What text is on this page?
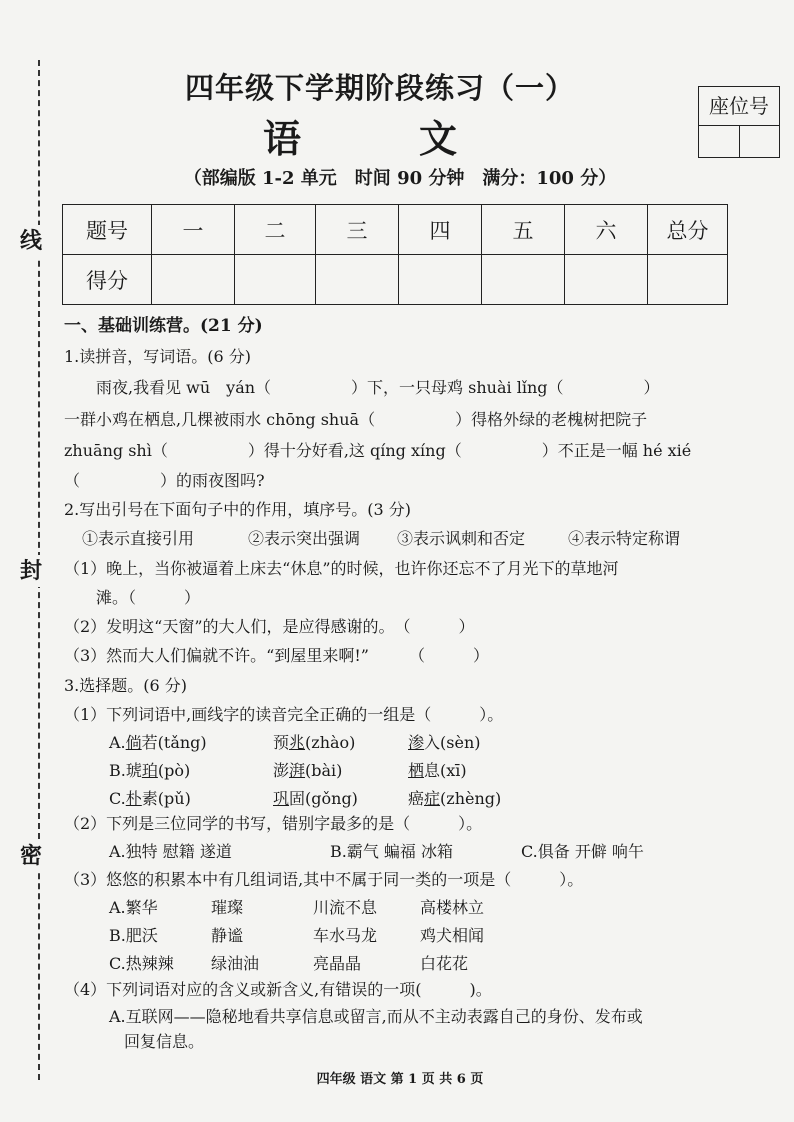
线
封
密
四年级下学期阶段练习（一）
语　文
（部编版 1-2 单元　时间 90 分钟　满分：100 分）
座位号
题号	一	二	三	四	五	六	总分
得分							
一、基础训练营。(21 分)
1.读拼音，写词语。(6 分)
　　雨夜,我看见 wū　yán（　　　　　）下，一只母鸡 shuài lǐng（　　　　　）
一群小鸡在栖息,几棵被雨水 chōng shuā（　　　　　）得格外绿的老槐树把院子
zhuāng shì（　　　　　）得十分好看,这 qíng xíng（　　　　　）不正是一幅 hé xié
（　　　　　）的雨夜图吗?
2.写出引号在下面句子中的作用，填序号。(3 分)
①表示直接引用	②表示突出强调 ③表示讽刺和否定	④表示特定称谓
（1）晚上，当你被逼着上床去“休息”的时候，也许你还忘不了月光下的草地河
　　滩。（　　　）
（2）发明这“天窗”的大人们，是应得感谢的。　（　　　）
（3）然而大人们偏就不许。“到屋里来啊!”　　　（　　　）
3.选择题。(6 分)
（1）下列词语中,画线字的读音完全正确的一组是（　　　）。
A.倘若(tǎng)	预兆(zhào)	渗入(sèn)
B.琥珀(pò)	澎湃(bài)	栖息(xī)
C.朴素(pǔ)	巩固(gǒng)	癌症(zhèng)
（2）下列是三位同学的书写，错别字最多的是（　　　）。
A.独特 慰籍 遂道	B.霸气 蝙福 冰箱	C.俱备 开僻 响午
（3）悠悠的积累本中有几组词语,其中不属于同一类的一项是（　　　）。
A.繁华	璀璨	川流不息	高楼林立
B.肥沃	静谧	车水马龙	鸡犬相闻
C.热辣辣 绿油油	亮晶晶	白花花
（4）下列词语对应的含义或新含义,有错误的一项(　　　)。
A.互联网——隐秘地看共享信息或留言,而从不主动表露自己的身份、发布或
回复信息。
四年级 语文 第 1 页 共 6 页
